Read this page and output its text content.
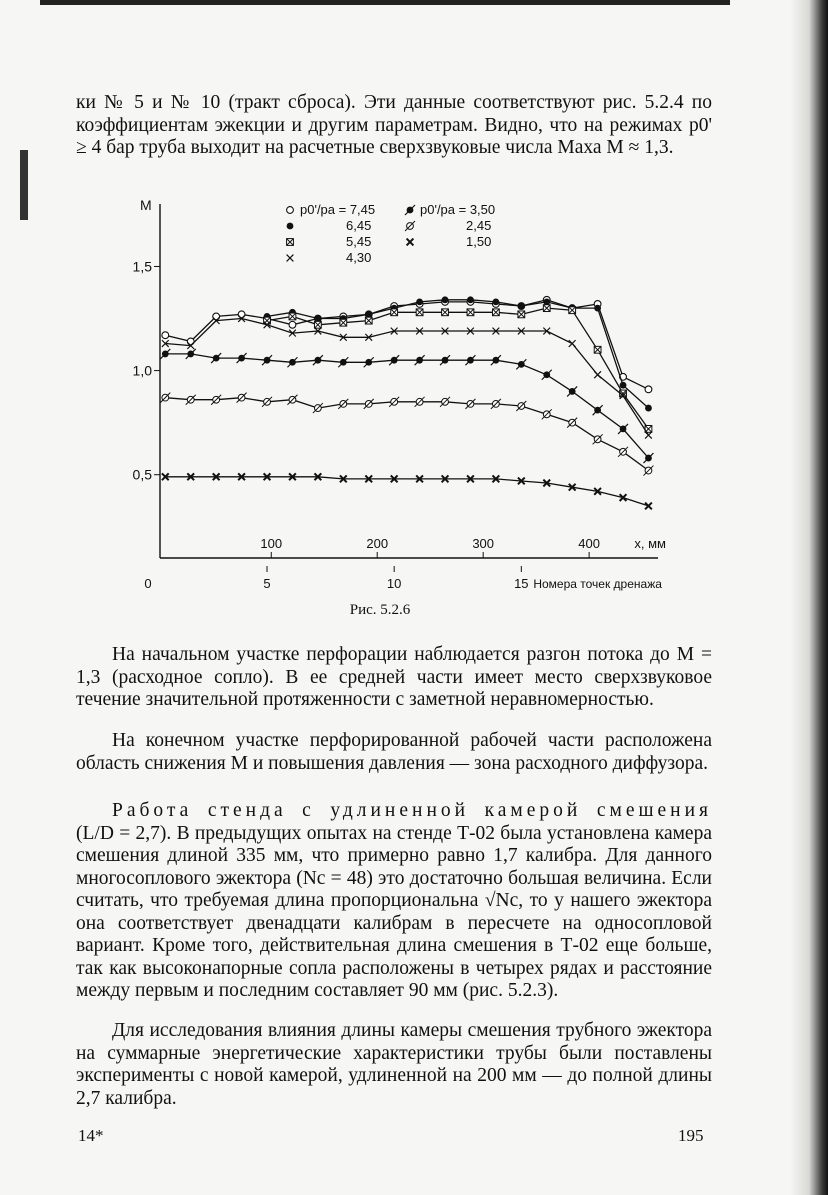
ки № 5 и № 10 (тракт сброса). Эти данные соответствуют рис. 5.2.4 по коэффициентам эжекции и другим параметрам. Видно, что на режимах p0' ≥ 4 бар труба выходит на расчетные сверхзвуковые числа Маха M ≈ 1,3.

M
0,5
1,0
1,5
100	200	300	400	x, мм
0	5	10	15 Номера точек дренажа
p0'/pa = 7,45
6,45
5,45
4,30
p0'/pa = 3,50
2,45
1,50
Рис. 5.2.6

На начальном участке перфорации наблюдается разгон потока до M = 1,3 (расходное сопло). В ее средней части имеет место сверхзвуковое течение значительной протяженности с заметной неравномерностью.

На конечном участке перфорированной рабочей части расположена область снижения M и повышения давления — зона расходного диффузора.

Работа стенда с удлиненной камерой смешения (L/D = 2,7). В предыдущих опытах на стенде Т-02 была установлена камера смешения длиной 335 мм, что примерно равно 1,7 калибра. Для данного многосоплового эжектора (Nc = 48) это достаточно большая величина. Если считать, что требуемая длина пропорциональна √Nc, то у нашего эжектора она соответствует двенадцати калибрам в пересчете на односопловой вариант. Кроме того, действительная длина смешения в Т-02 еще больше, так как высоконапорные сопла расположены в четырех рядах и расстояние между первым и последним составляет 90 мм (рис. 5.2.3).

Для исследования влияния длины камеры смешения трубного эжектора на суммарные энергетические характеристики трубы были поставлены эксперименты с новой камерой, удлиненной на 200 мм — до полной длины 2,7 калибра.

14*	195
